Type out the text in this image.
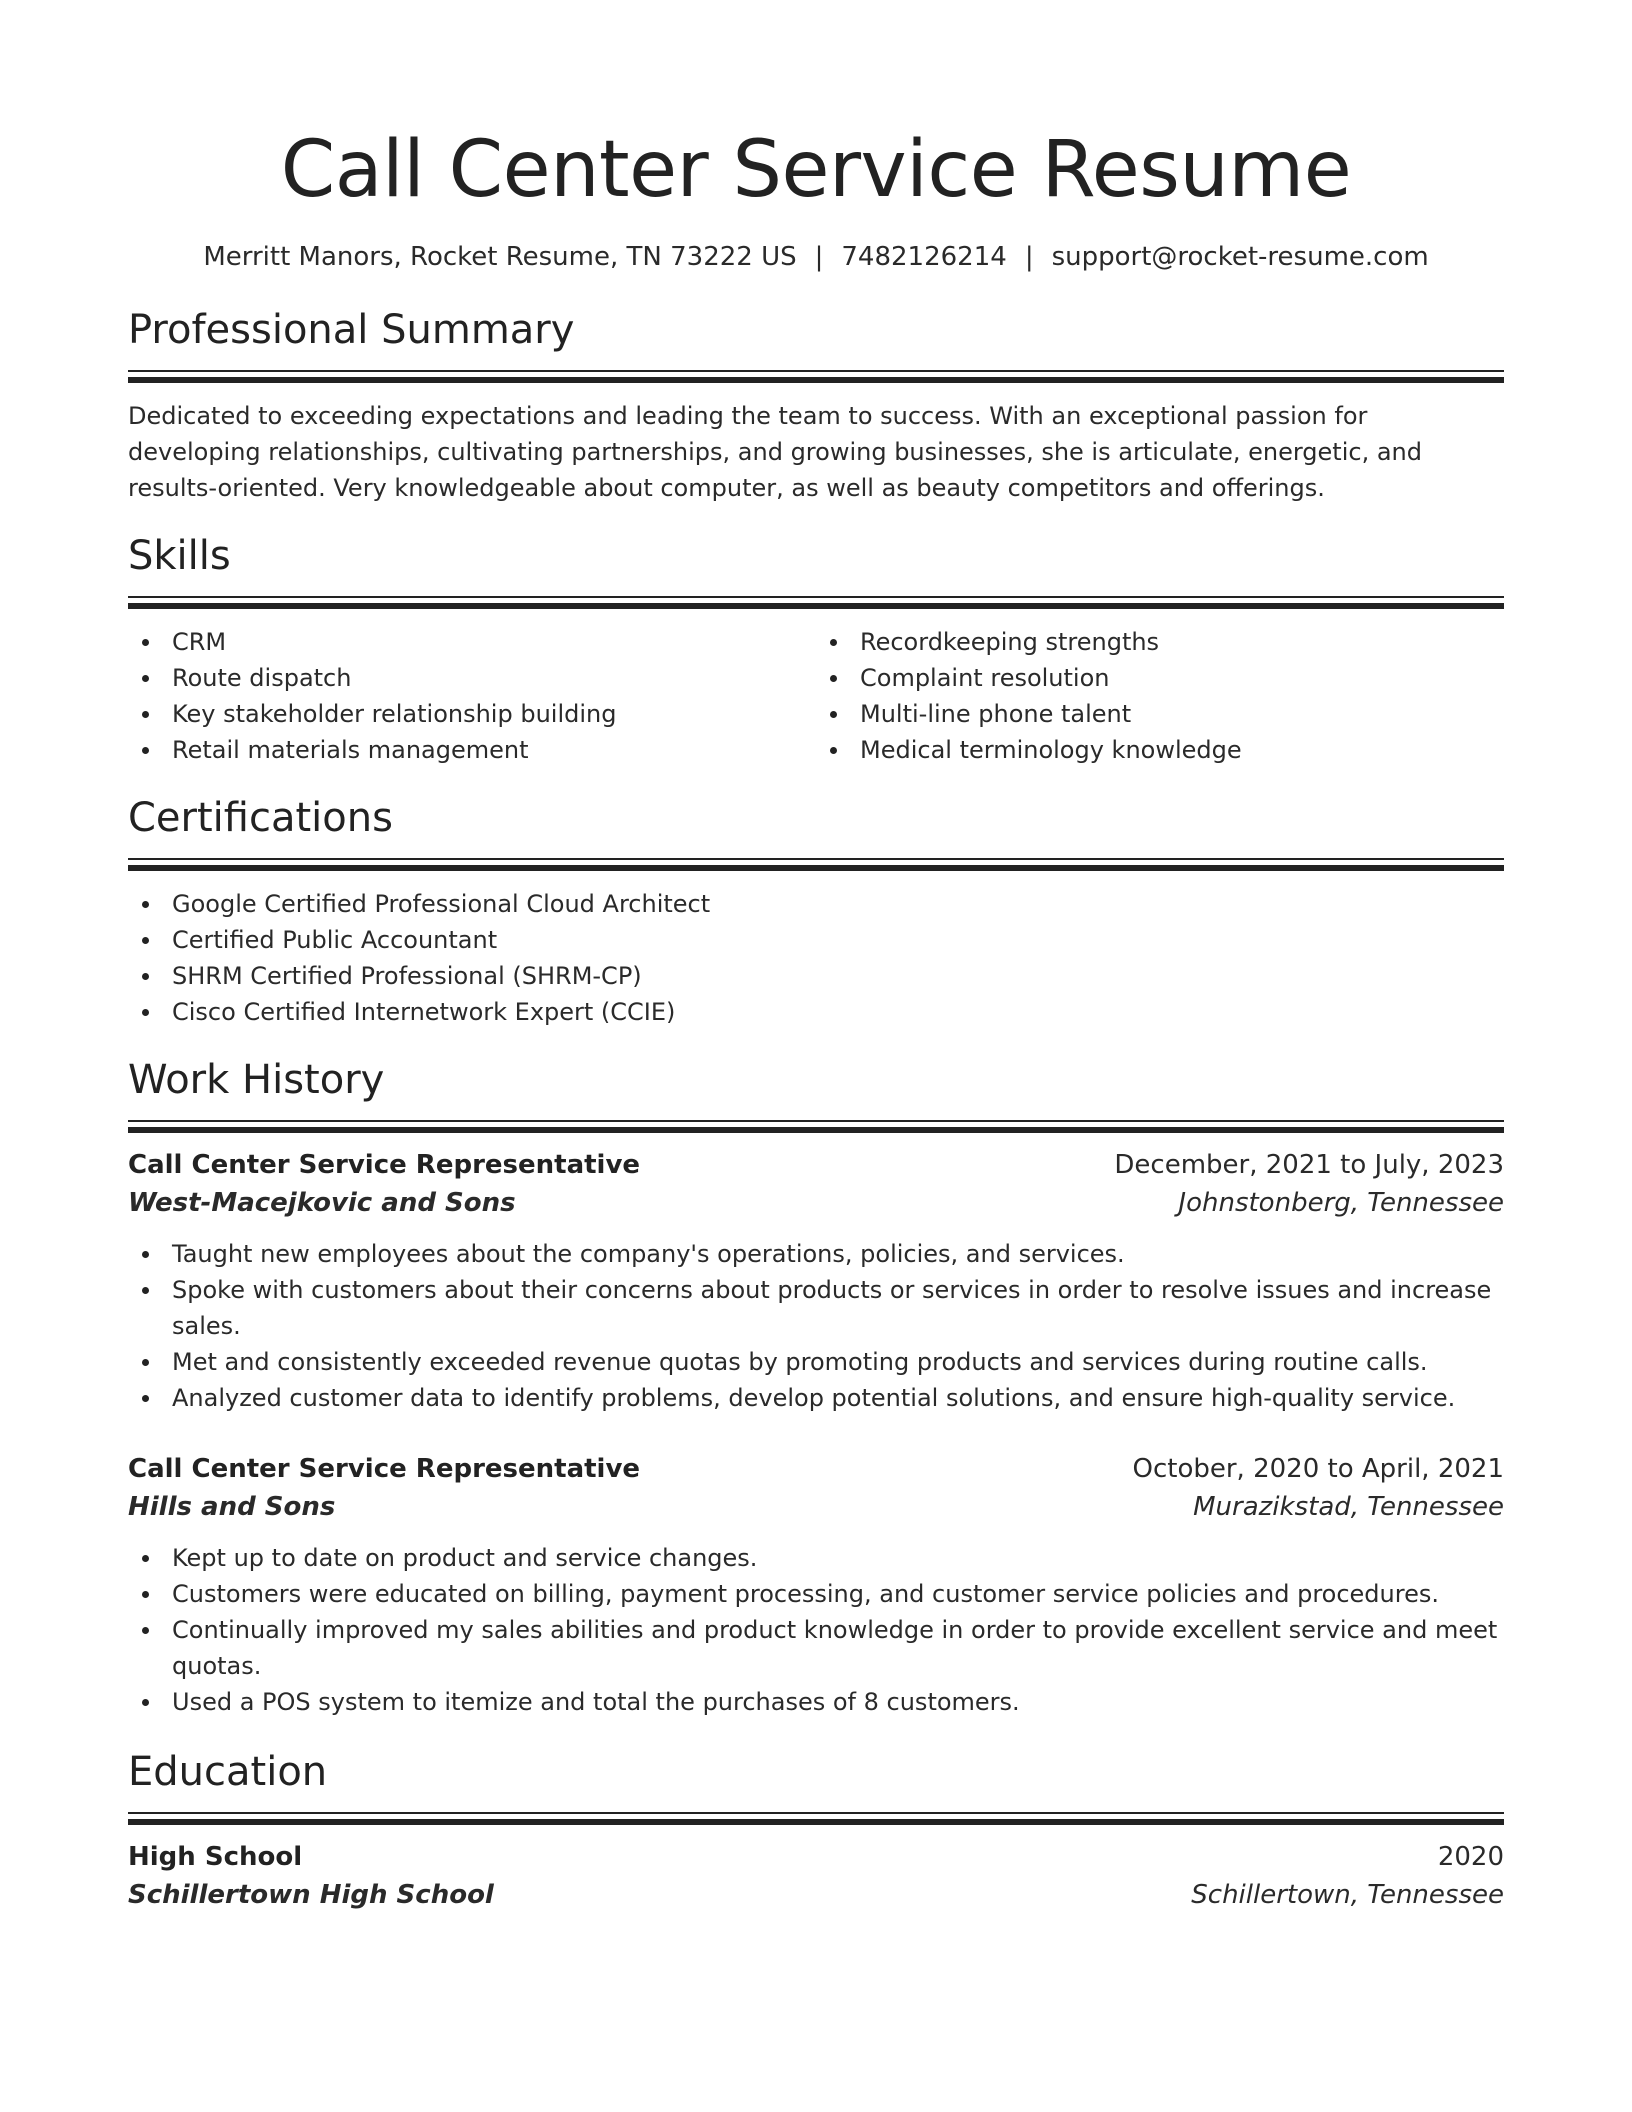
Call Center Service Resume
Merritt Manors, Rocket Resume, TN 73222 US | 7482126214 | support@rocket-resume.com
Professional Summary

Dedicated to exceeding expectations and leading the team to success. With an exceptional passion for developing relationships, cultivating partnerships, and growing businesses, she is articulate, energetic, and results-oriented. Very knowledgeable about computer, as well as beauty competitors and offerings.

Skills
CRM
Route dispatch
Key stakeholder relationship building
Retail materials management
Recordkeeping strengths
Complaint resolution
Multi-line phone talent
Medical terminology knowledge
Certifications
Google Certified Professional Cloud Architect
Certified Public Accountant
SHRM Certified Professional (SHRM-CP)
Cisco Certified Internetwork Expert (CCIE)
Work History
Call Center Service Representative	December, 2021 to July, 2023
West-Macejkovic and Sons	Johnstonberg, Tennessee
Taught new employees about the company's operations, policies, and services.
Spoke with customers about their concerns about products or services in order to resolve issues and increase sales.
Met and consistently exceeded revenue quotas by promoting products and services during routine calls.
Analyzed customer data to identify problems, develop potential solutions, and ensure high-quality service.
Call Center Service Representative	October, 2020 to April, 2021
Hills and Sons	Murazikstad, Tennessee
Kept up to date on product and service changes.
Customers were educated on billing, payment processing, and customer service policies and procedures.
Continually improved my sales abilities and product knowledge in order to provide excellent service and meet quotas.
Used a POS system to itemize and total the purchases of 8 customers.
Education
High School	2020
Schillertown High School	Schillertown, Tennessee
